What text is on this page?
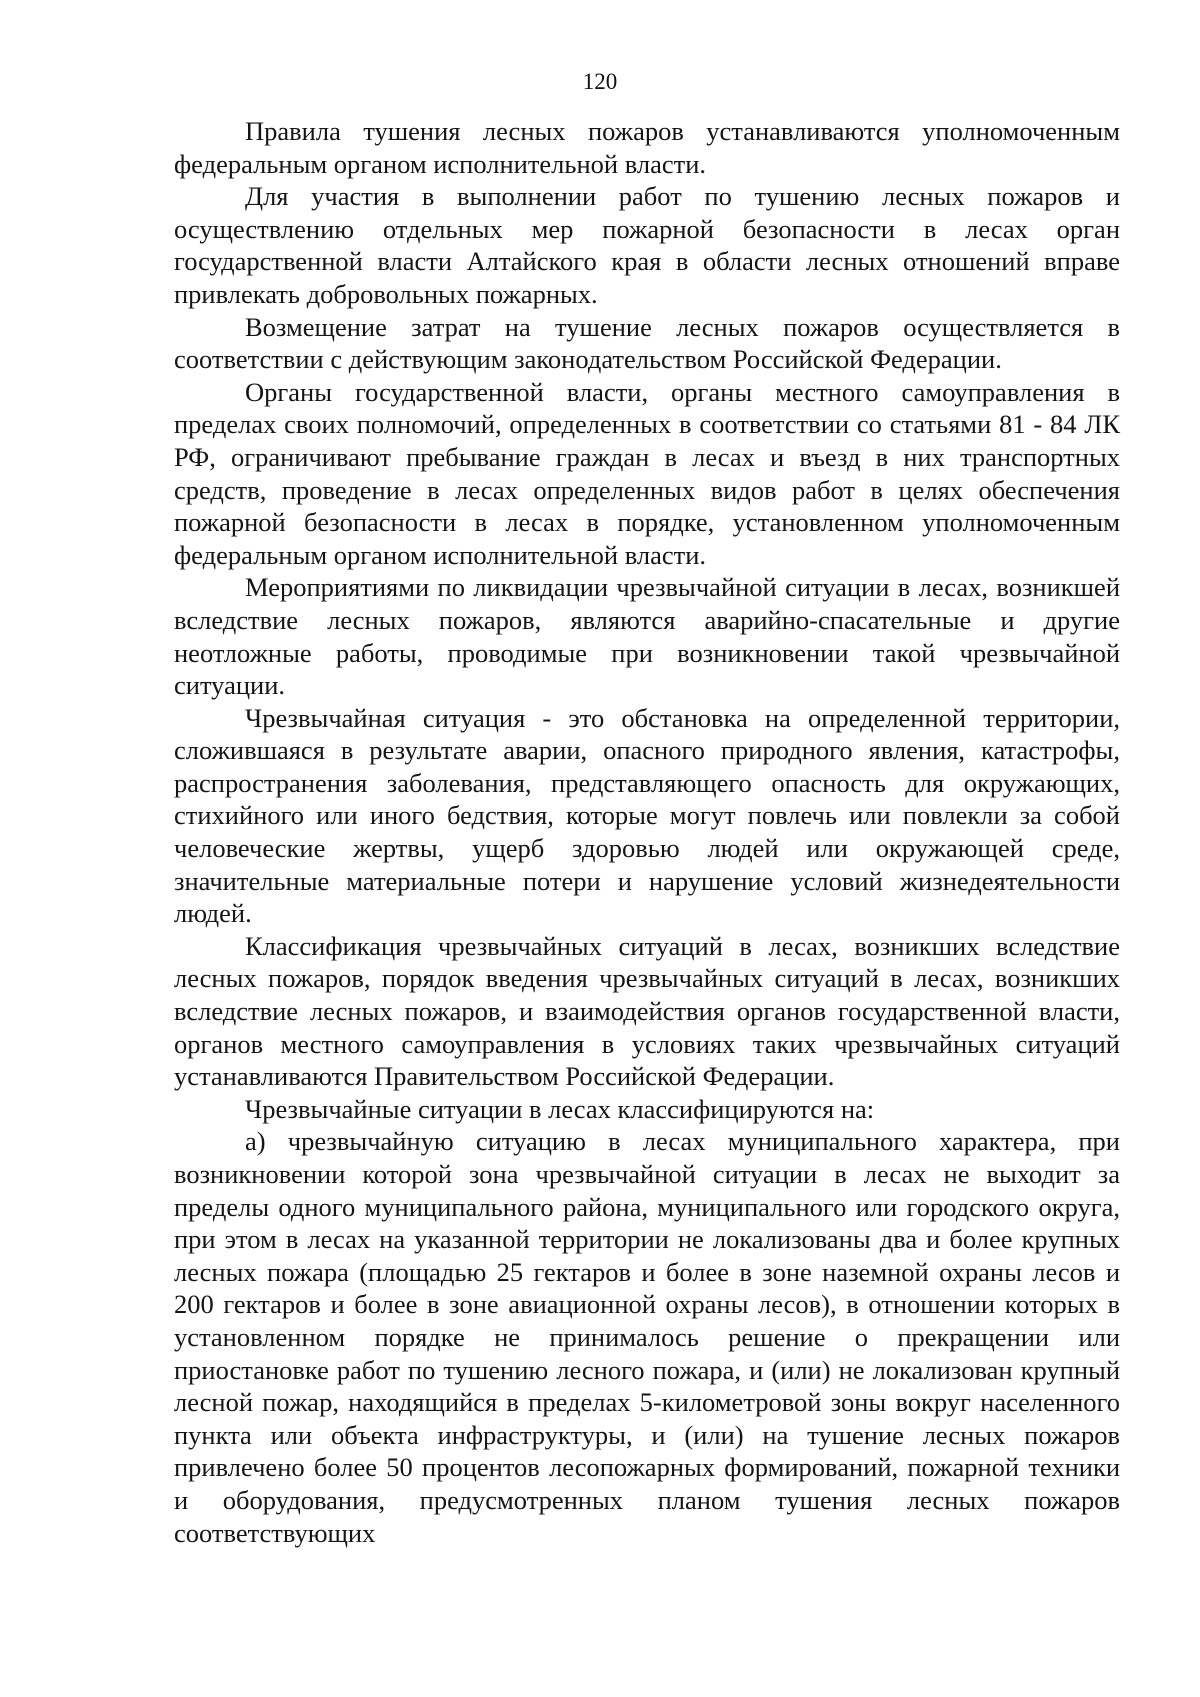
120

Правила тушения лесных пожаров устанавливаются уполномоченным федеральным органом исполнительной власти.

Для участия в выполнении работ по тушению лесных пожаров и осуществлению отдельных мер пожарной безопасности в лесах орган государственной власти Алтайского края в области лесных отношений вправе привлекать добровольных пожарных.

Возмещение затрат на тушение лесных пожаров осуществляется в соответствии с действующим законодательством Российской Федерации.

Органы государственной власти, органы местного самоуправления в пределах своих полномочий, определенных в соответствии со статьями 81 - 84 ЛК РФ, ограничивают пребывание граждан в лесах и въезд в них транспортных средств, проведение в лесах определенных видов работ в целях обеспечения пожарной безопасности в лесах в порядке, установленном уполномоченным федеральным органом исполнительной власти.

Мероприятиями по ликвидации чрезвычайной ситуации в лесах, возникшей вследствие лесных пожаров, являются аварийно-спасательные и другие неотложные работы, проводимые при возникновении такой чрезвычайной ситуации.

Чрезвычайная ситуация - это обстановка на определенной территории, сложившаяся в результате аварии, опасного природного явления, катастрофы, распространения заболевания, представляющего опасность для окружающих, стихийного или иного бедствия, которые могут повлечь или повлекли за собой человеческие жертвы, ущерб здоровью людей или окружающей среде, значительные материальные потери и нарушение условий жизнедеятельности людей.

Классификация чрезвычайных ситуаций в лесах, возникших вследствие лесных пожаров, порядок введения чрезвычайных ситуаций в лесах, возникших вследствие лесных пожаров, и взаимодействия органов государственной власти, органов местного самоуправления в условиях таких чрезвычайных ситуаций устанавливаются Правительством Российской Федерации.

Чрезвычайные ситуации в лесах классифицируются на:

а) чрезвычайную ситуацию в лесах муниципального характера, при возникновении которой зона чрезвычайной ситуации в лесах не выходит за пределы одного муниципального района, муниципального или городского округа, при этом в лесах на указанной территории не локализованы два и более крупных лесных пожара (площадью 25 гектаров и более в зоне наземной охраны лесов и 200 гектаров и более в зоне авиационной охраны лесов), в отношении которых в установленном порядке не принималось решение о прекращении или приостановке работ по тушению лесного пожара, и (или) не локализован крупный лесной пожар, находящийся в пределах 5-километровой зоны вокруг населенного пункта или объекта инфраструктуры, и (или) на тушение лесных пожаров привлечено более 50 процентов лесопожарных формирований, пожарной техники и оборудования, предусмотренных планом тушения лесных пожаров соответствующих
